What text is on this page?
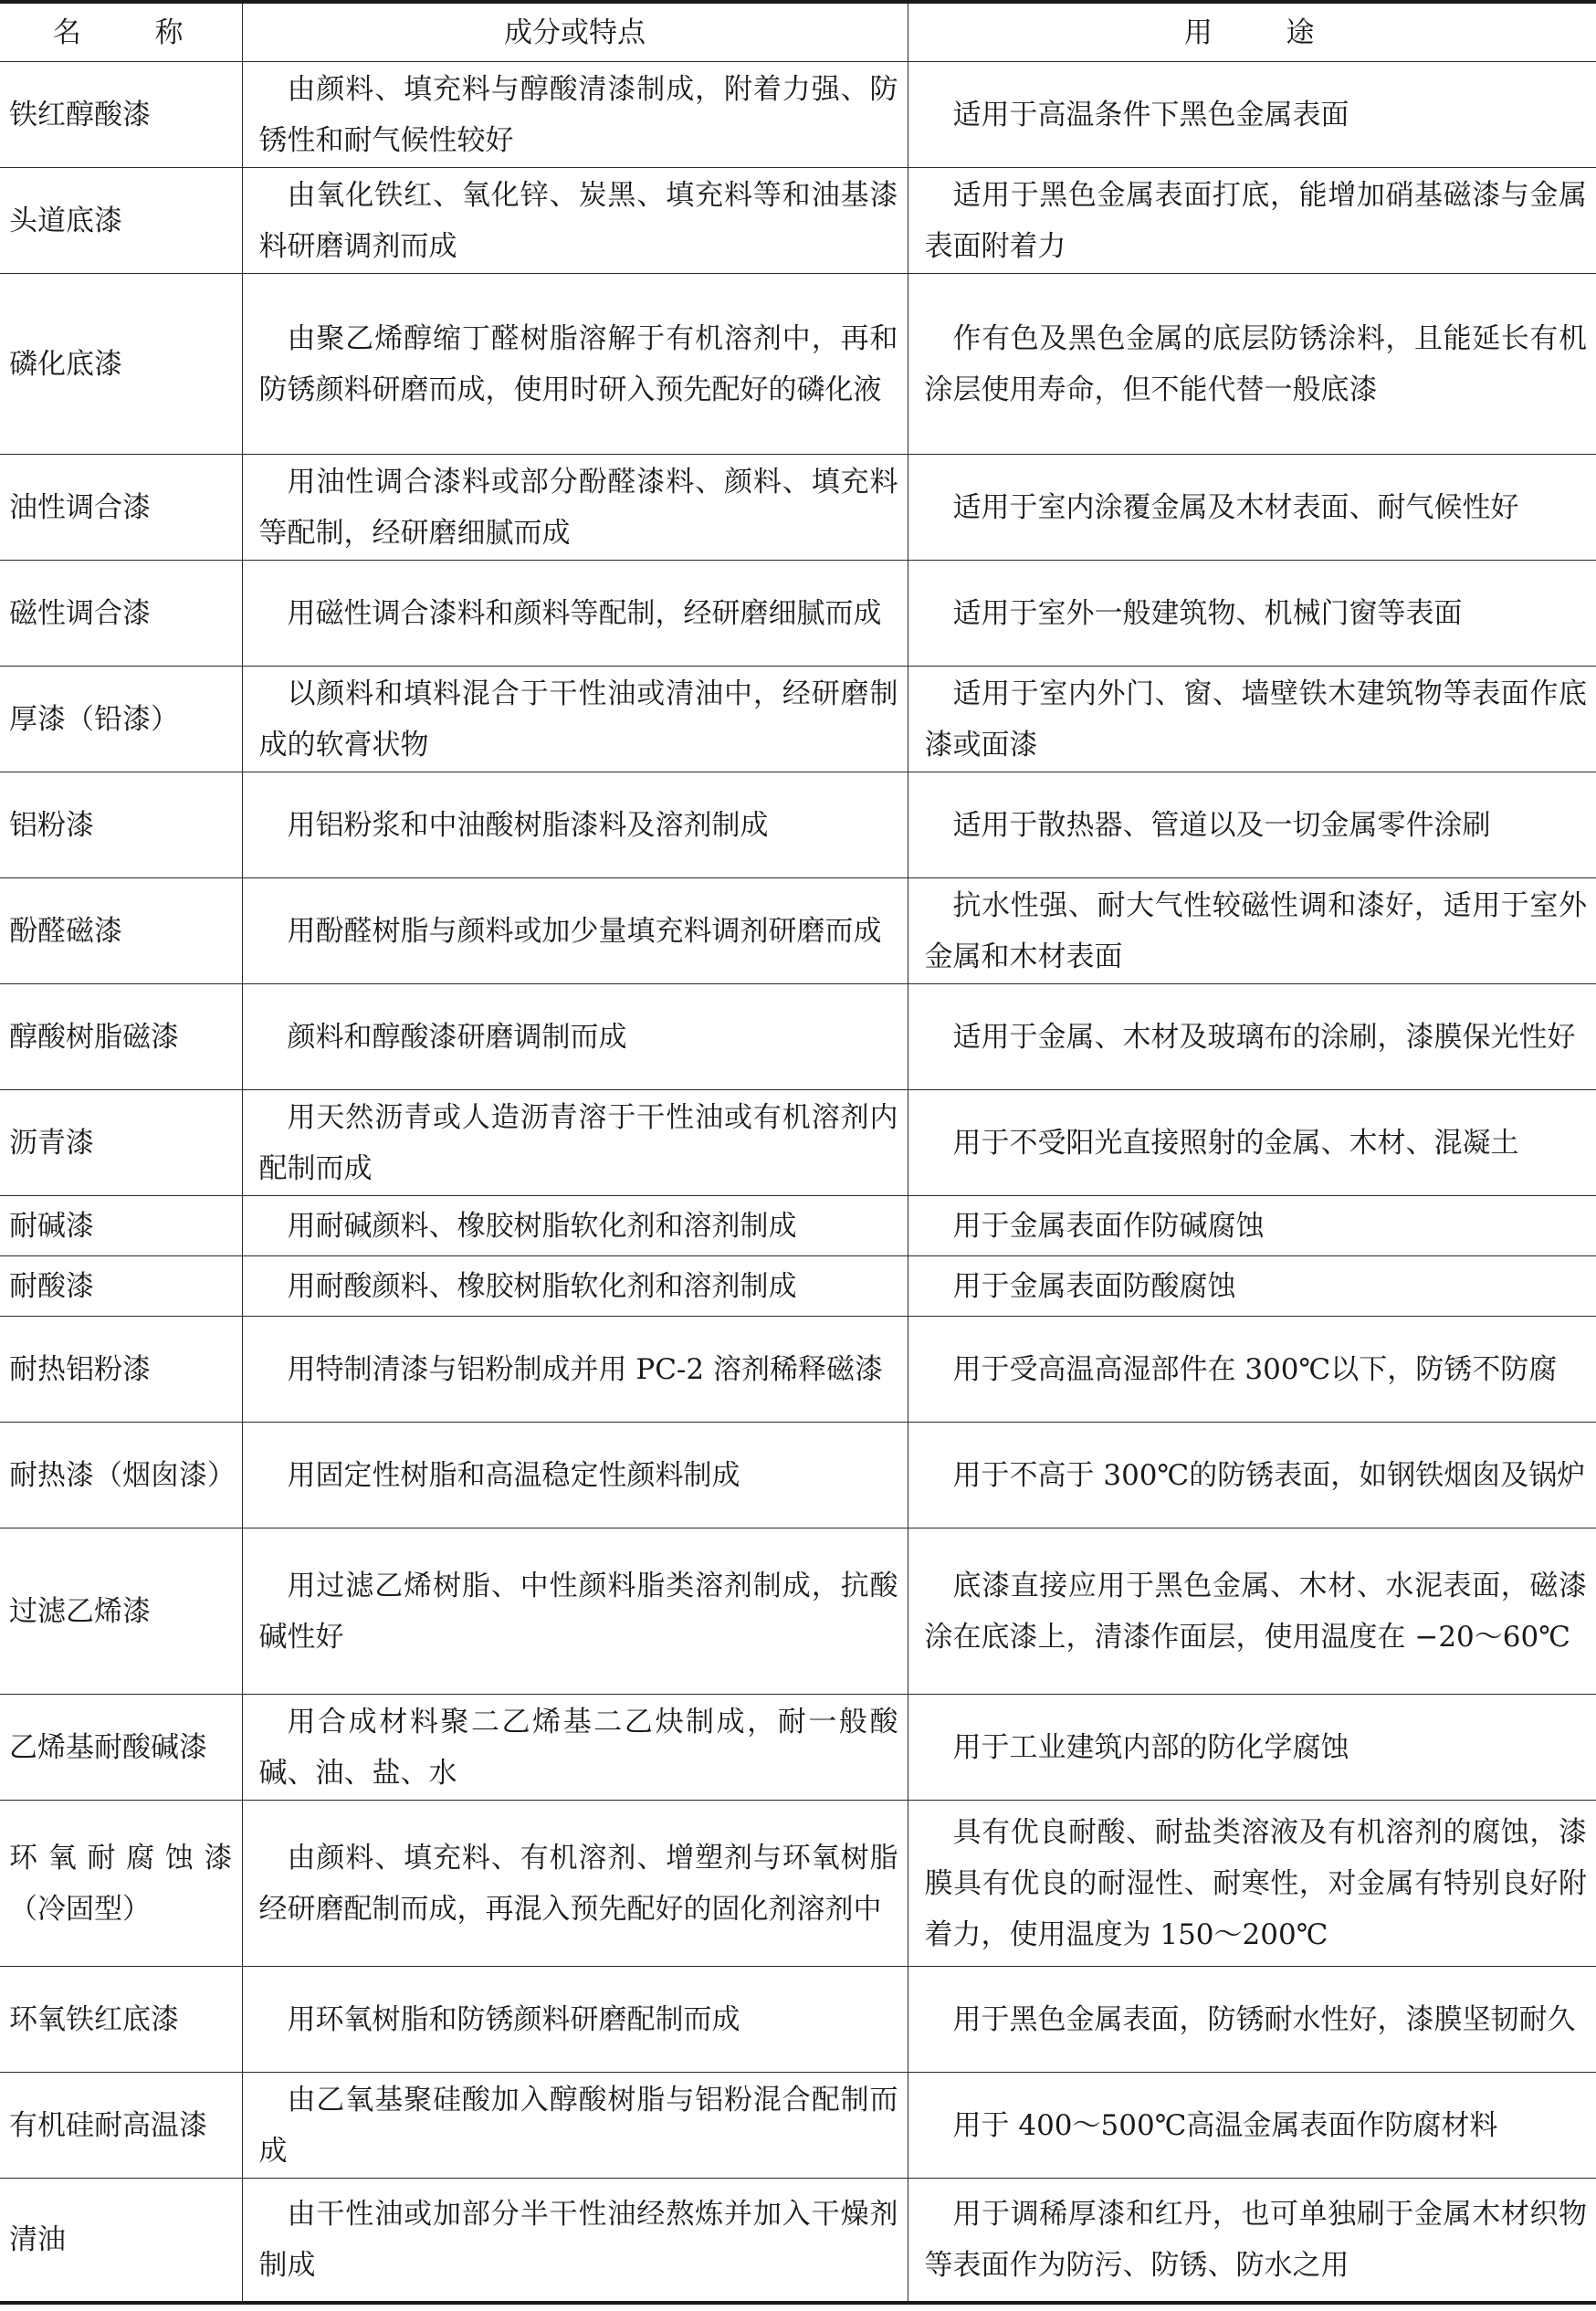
名　　称	成分或特点	用　　途
铁红醇酸漆	由颜料、填充料与醇酸清漆制成，附着力强、防锈性和耐气候性较好	适用于高温条件下黑色金属表面
头道底漆	由氧化铁红、氧化锌、炭黑、填充料等和油基漆料研磨调剂而成	适用于黑色金属表面打底，能增加硝基磁漆与金属表面附着力
磷化底漆	由聚乙烯醇缩丁醛树脂溶解于有机溶剂中，再和防锈颜料研磨而成，使用时研入预先配好的磷化液	作有色及黑色金属的底层防锈涂料，且能延长有机涂层使用寿命，但不能代替一般底漆
油性调合漆	用油性调合漆料或部分酚醛漆料、颜料、填充料等配制，经研磨细腻而成	适用于室内涂覆金属及木材表面、耐气候性好
磁性调合漆	用磁性调合漆料和颜料等配制，经研磨细腻而成	适用于室外一般建筑物、机械门窗等表面
厚漆（铅漆）	以颜料和填料混合于干性油或清油中，经研磨制成的软膏状物	适用于室内外门、窗、墙壁铁木建筑物等表面作底漆或面漆
铝粉漆	用铝粉浆和中油酸树脂漆料及溶剂制成	适用于散热器、管道以及一切金属零件涂刷
酚醛磁漆	用酚醛树脂与颜料或加少量填充料调剂研磨而成	抗水性强、耐大气性较磁性调和漆好，适用于室外金属和木材表面
醇酸树脂磁漆	颜料和醇酸漆研磨调制而成	适用于金属、木材及玻璃布的涂刷，漆膜保光性好
沥青漆	用天然沥青或人造沥青溶于干性油或有机溶剂内配制而成	用于不受阳光直接照射的金属、木材、混凝土
耐碱漆	用耐碱颜料、橡胶树脂软化剂和溶剂制成	用于金属表面作防碱腐蚀
耐酸漆	用耐酸颜料、橡胶树脂软化剂和溶剂制成	用于金属表面防酸腐蚀
耐热铝粉漆	用特制清漆与铝粉制成并用 PC-2 溶剂稀释磁漆	用于受高温高湿部件在 300℃以下，防锈不防腐
耐热漆（烟囱漆）	用固定性树脂和高温稳定性颜料制成	用于不高于 300℃的防锈表面，如钢铁烟囱及锅炉
过滤乙烯漆	用过滤乙烯树脂、中性颜料脂类溶剂制成，抗酸碱性好	底漆直接应用于黑色金属、木材、水泥表面，磁漆涂在底漆上，清漆作面层，使用温度在 −20～60℃
乙烯基耐酸碱漆	用合成材料聚二乙烯基二乙炔制成，耐一般酸碱、油、盐、水	用于工业建筑内部的防化学腐蚀
环氧耐腐蚀漆（冷固型）	由颜料、填充料、有机溶剂、增塑剂与环氧树脂经研磨配制而成，再混入预先配好的固化剂溶剂中	具有优良耐酸、耐盐类溶液及有机溶剂的腐蚀，漆膜具有优良的耐湿性、耐寒性，对金属有特别良好附着力，使用温度为 150～200℃
环氧铁红底漆	用环氧树脂和防锈颜料研磨配制而成	用于黑色金属表面，防锈耐水性好，漆膜坚韧耐久
有机硅耐高温漆	由乙氧基聚硅酸加入醇酸树脂与铝粉混合配制而成	用于 400～500℃高温金属表面作防腐材料
清油	由干性油或加部分半干性油经熬炼并加入干燥剂制成	用于调稀厚漆和红丹，也可单独刷于金属木材织物等表面作为防污、防锈、防水之用
